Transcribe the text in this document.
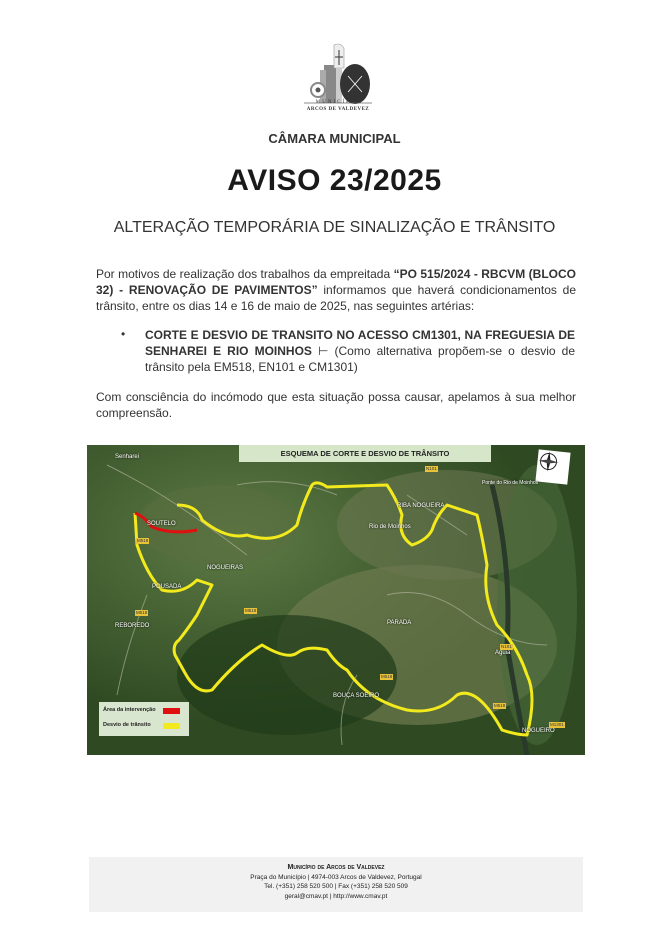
MUNICÍPIO
ARCOS DE VALDEVEZ
CÂMARA MUNICIPAL
AVISO 23/2025
ALTERAÇÃO TEMPORÁRIA DE SINALIZAÇÃO E TRÂNSITO
Por motivos de realização dos trabalhos da empreitada “PO 515/2024 - RBCVM (BLOCO 32) - RENOVAÇÃO DE PAVIMENTOS” informamos que haverá condicionamentos de trânsito, entre os dias 14 e 16 de maio de 2025, nas seguintes artérias:
• CORTE E DESVIO DE TRANSITO NO ACESSO CM1301, NA FREGUESIA DE SENHAREI E RIO MOINHOS ⊢ (Como alternativa propõem-se o desvio de trânsito pela EM518, EN101 e CM1301)
Com consciência do incómodo que esta situação possa causar, apelamos à sua melhor compreensão.
ESQUEMA DE CORTE E DESVIO DE TRÂNSITO
Senharei
SOUTELO
NOGUEIRAS
POUSADA
REBOREDO
Rio de Moinhos
RIBA NOGUEIRA
Ponte do Rio de Moinhos
PARADA
BOUÇA SOEIRO
Aguiã
NOGUEIRO
M518
M518	M518
M518
M518
N101
N101
M1301
Área da intervenção
Desvio de trânsito
Município de Arcos de Valdevez
Praça do Município | 4974-003 Arcos de Valdevez, Portugal
Tel. (+351) 258 520 500 | Fax (+351) 258 520 509
geral@cmav.pt | http://www.cmav.pt
